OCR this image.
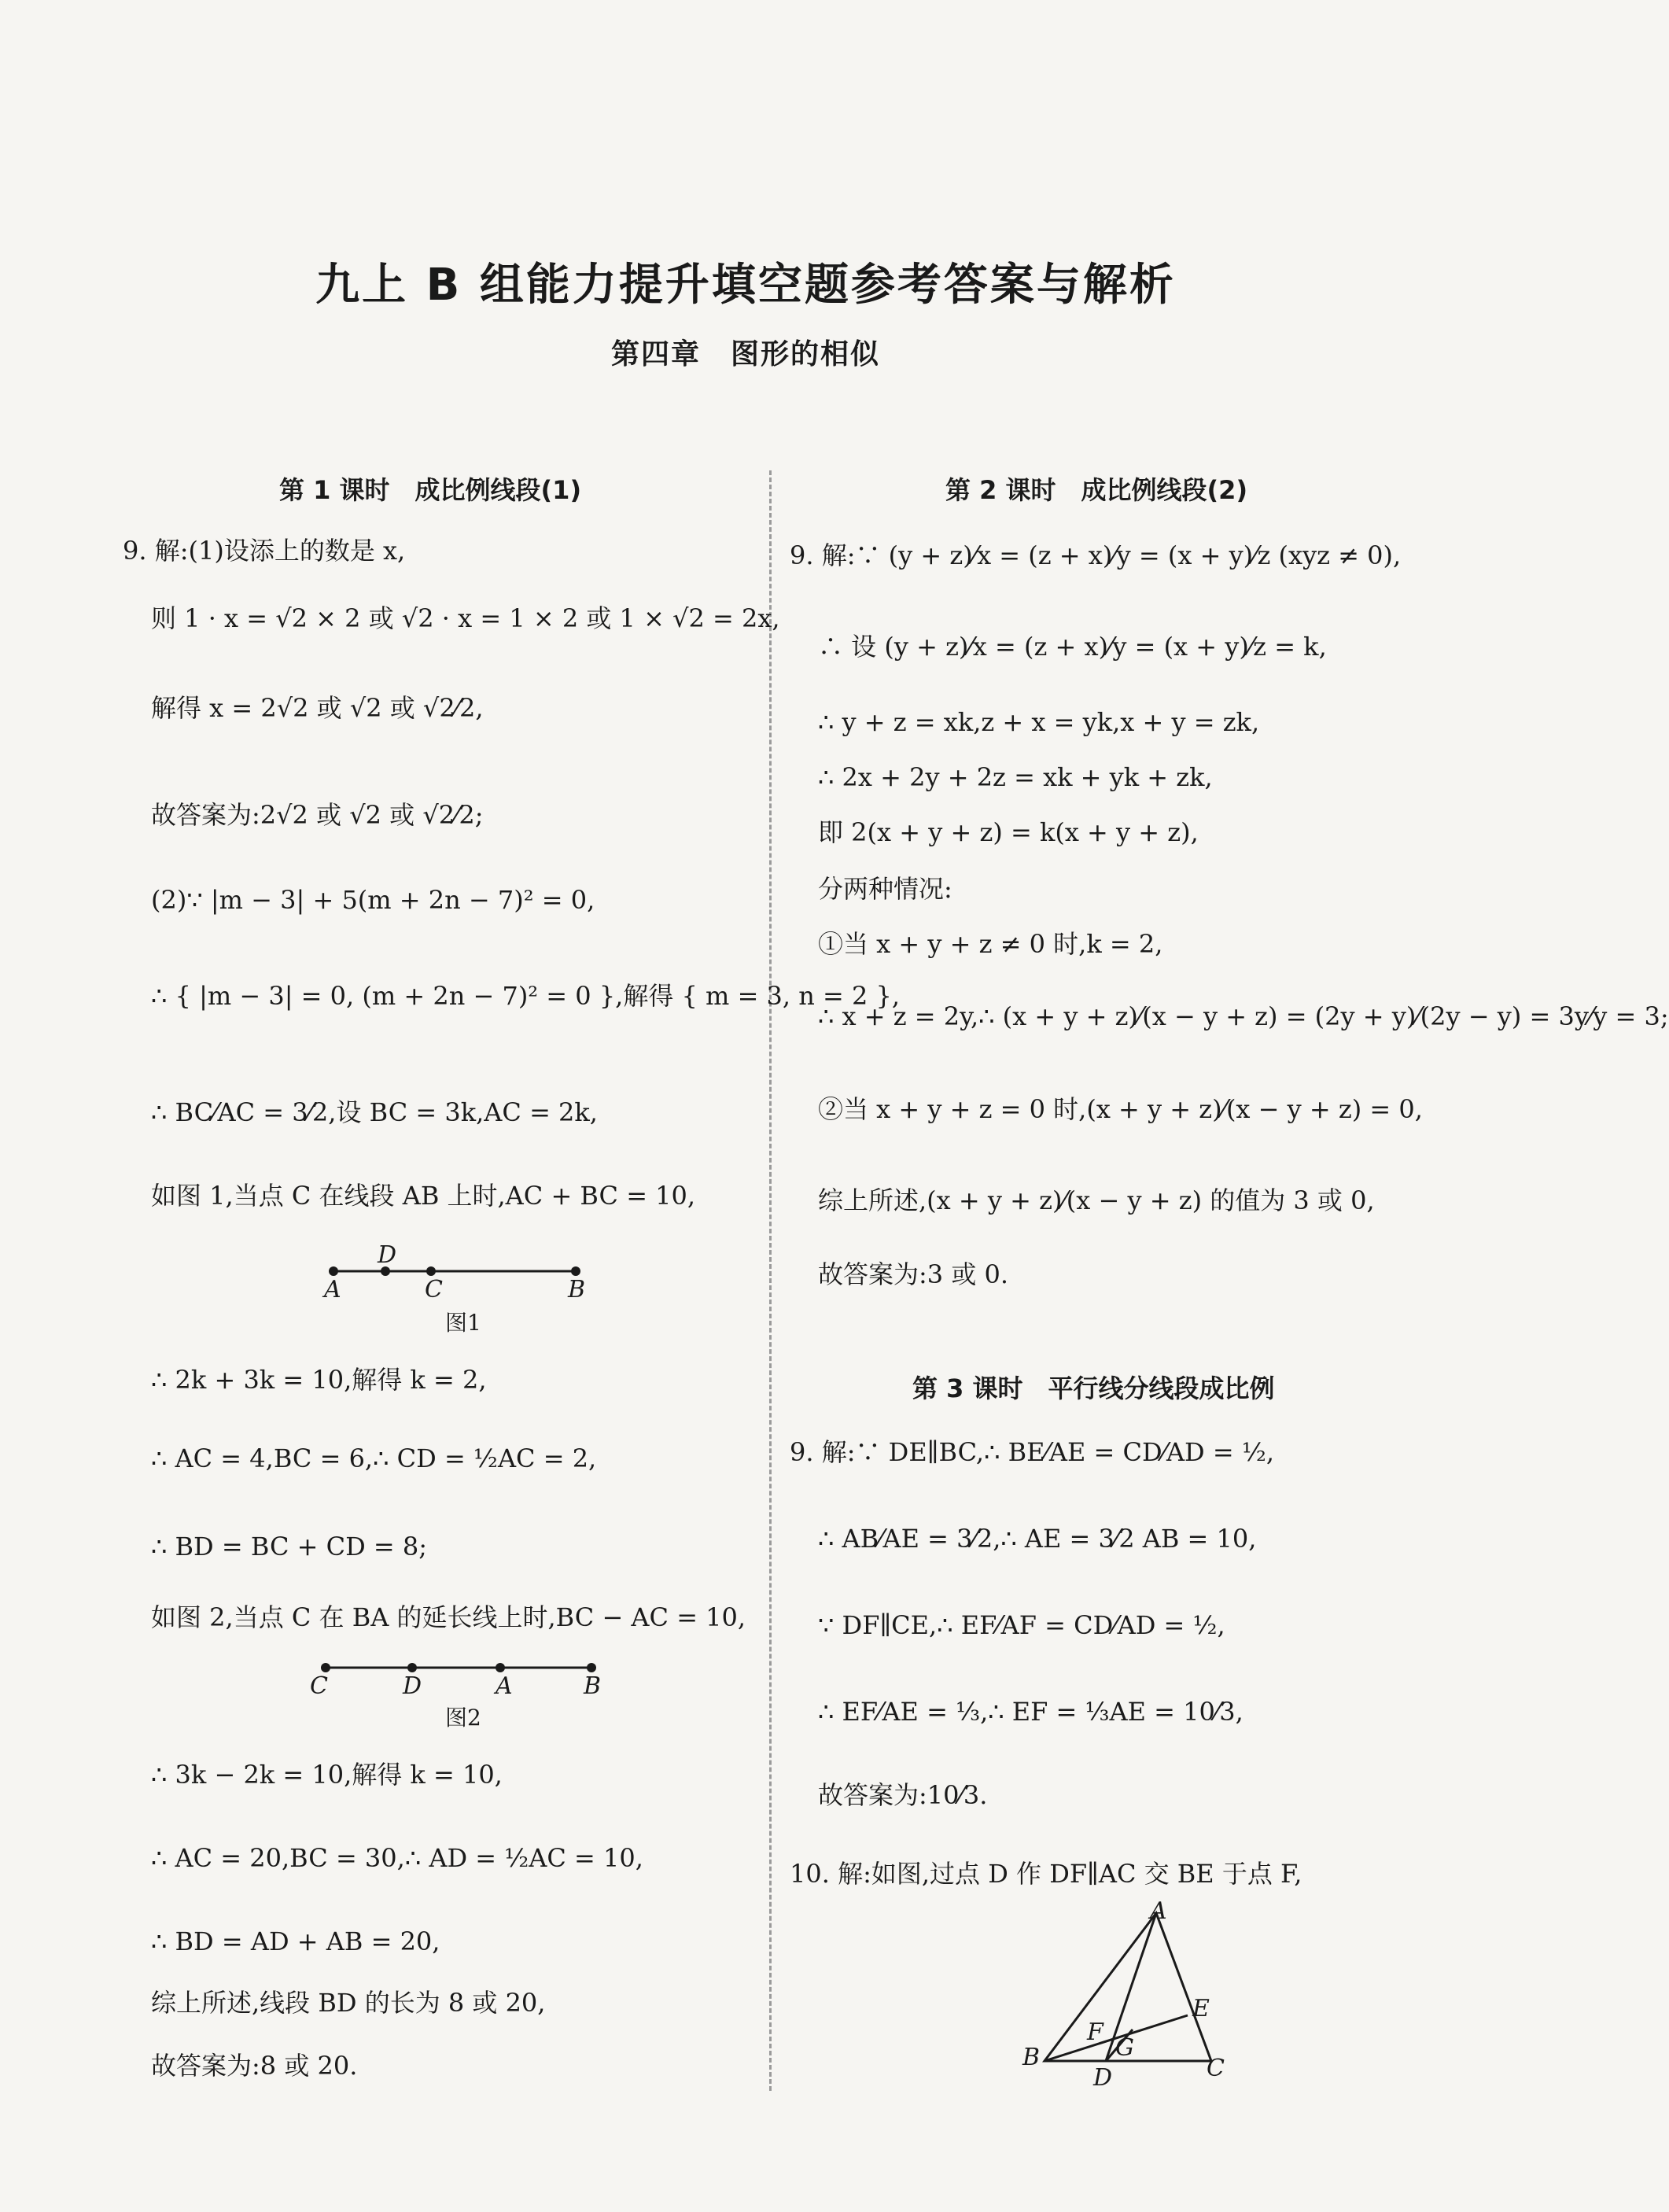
九上 B 组能力提升填空题参考答案与解析
第四章　图形的相似
第 1 课时　成比例线段(1)
9. 解:(1)设添上的数是 x,
则 1 · x = √2 × 2 或 √2 · x = 1 × 2 或 1 × √2 = 2x,
解得 x = 2√2 或 √2 或 √2⁄2,
故答案为:2√2 或 √2 或 √2⁄2;
(2)∵ |m − 3| + 5(m + 2n − 7)² = 0,
∴ { |m − 3| = 0, (m + 2n − 7)² = 0 },解得 { m = 3, n = 2 },
∴ BC⁄AC = 3⁄2,设 BC = 3k,AC = 2k,
如图 1,当点 C 在线段 AB 上时,AC + BC = 10,
A
D
C	B
图1
∴ 2k + 3k = 10,解得 k = 2,
∴ AC = 4,BC = 6,∴ CD = ½AC = 2,
∴ BD = BC + CD = 8;
如图 2,当点 C 在 BA 的延长线上时,BC − AC = 10,
C	D	A	B
图2
∴ 3k − 2k = 10,解得 k = 10,
∴ AC = 20,BC = 30,∴ AD = ½AC = 10,
∴ BD = AD + AB = 20,
综上所述,线段 BD 的长为 8 或 20,
故答案为:8 或 20.
第 2 课时　成比例线段(2)
9. 解:∵ (y + z)⁄x = (z + x)⁄y = (x + y)⁄z (xyz ≠ 0),
∴ 设 (y + z)⁄x = (z + x)⁄y = (x + y)⁄z = k,
∴ y + z = xk,z + x = yk,x + y = zk,
∴ 2x + 2y + 2z = xk + yk + zk,
即 2(x + y + z) = k(x + y + z),
分两种情况:
①当 x + y + z ≠ 0 时,k = 2,
∴ x + z = 2y,∴ (x + y + z)⁄(x − y + z) = (2y + y)⁄(2y − y) = 3y⁄y = 3;
②当 x + y + z = 0 时,(x + y + z)⁄(x − y + z) = 0,
综上所述,(x + y + z)⁄(x − y + z) 的值为 3 或 0,
故答案为:3 或 0.
第 3 课时　平行线分线段成比例
9. 解:∵ DE∥BC,∴ BE⁄AE = CD⁄AD = ½,
∴ AB⁄AE = 3⁄2,∴ AE = 3⁄2 AB = 10,
∵ DF∥CE,∴ EF⁄AF = CD⁄AD = ½,
∴ EF⁄AE = ⅓,∴ EF = ⅓AE = 10⁄3,
故答案为:10⁄3.
10. 解:如图,过点 D 作 DF∥AC 交 BE 于点 F,
A
B	C
D
E
F
G
